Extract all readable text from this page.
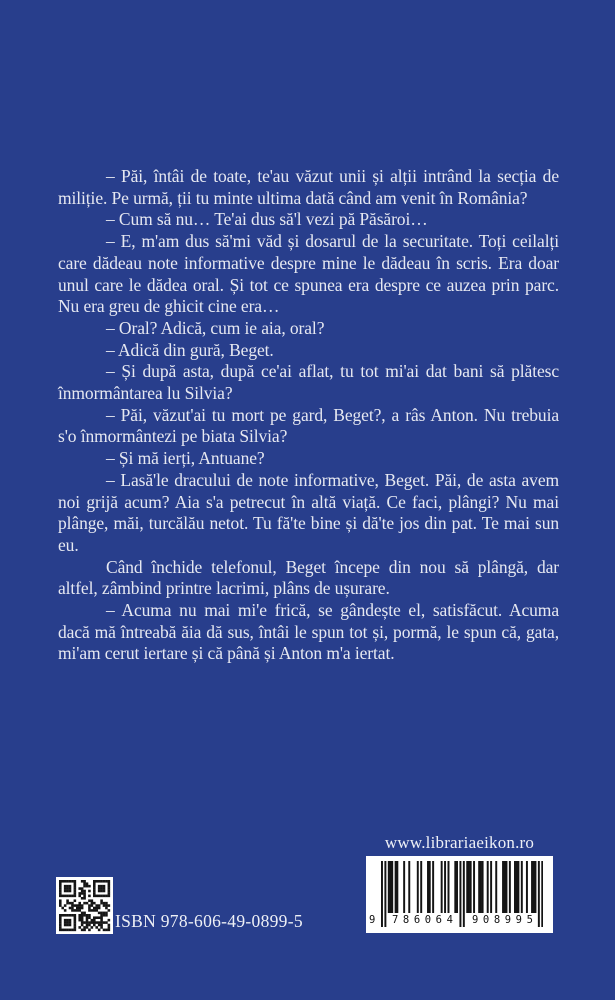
– Păi, întâi de toate, te'au văzut unii și alții intrând la secția de miliție. Pe urmă, ții tu minte ultima dată când am venit în România?

– Cum să nu… Te'ai dus să'l vezi pă Păsăroi…

– E, m'am dus să'mi văd și dosarul de la securitate. Toți ceilalți care dădeau note informative despre mine le dădeau în scris. Era doar unul care le dădea oral. Și tot ce spunea era despre ce auzea prin parc. Nu era greu de ghicit cine era…

– Oral? Adică, cum ie aia, oral?

– Adică din gură, Beget.

– Și după asta, după ce'ai aflat, tu tot mi'ai dat bani să plătesc înmormântarea lu Silvia?

– Păi, văzut'ai tu mort pe gard, Beget?, a râs Anton. Nu trebuia s'o înmormântezi pe biata Silvia?

– Și mă ierți, Antuane?

– Lasă'le dracului de note informative, Beget. Păi, de asta avem noi grijă acum? Aia s'a petrecut în altă viață. Ce faci, plângi? Nu mai plânge, măi, turcălău netot. Tu fă'te bine și dă'te jos din pat. Te mai sun eu.

Când închide telefonul, Beget începe din nou să plângă, dar altfel, zâmbind printre lacrimi, plâns de ușurare.

– Acuma nu mai mi'e frică, se gândește el, satisfăcut. Acuma dacă mă întreabă ăia dă sus, întâi le spun tot și, pormă, le spun că, gata, mi'am cerut iertare și că până și Anton m'a iertat.

www.librariaeikon.ro
9 786064 908995
ISBN 978-606-49-0899-5
